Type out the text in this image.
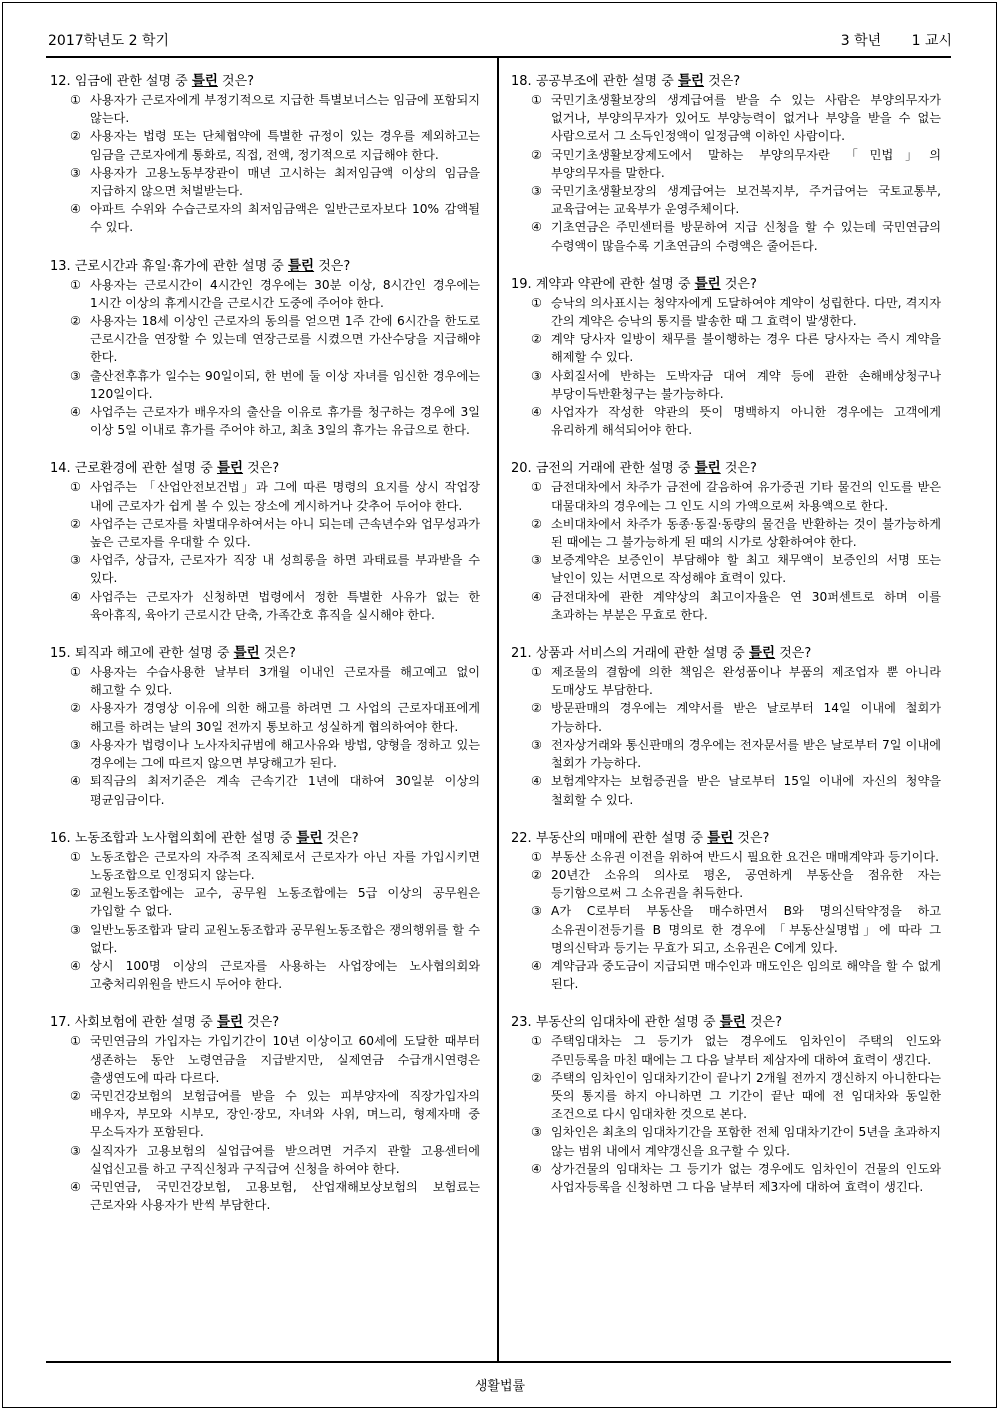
2017학년도 2 학기	3 학년 1 교시
12. 임금에 관한 설명 중 틀린 것은?
① 사용자가 근로자에게 부정기적으로 지급한 특별보너스는 임금에 포함되지 않는다.
② 사용자는 법령 또는 단체협약에 특별한 규정이 있는 경우를 제외하고는 임금을 근로자에게 통화로, 직접, 전액, 정기적으로 지급해야 한다.
③ 사용자가 고용노동부장관이 매년 고시하는 최저임금액 이상의 임금을 지급하지 않으면 처벌받는다.
④ 아파트 수위와 수습근로자의 최저임금액은 일반근로자보다 10% 감액될 수 있다.
13. 근로시간과 휴일·휴가에 관한 설명 중 틀린 것은?
① 사용자는 근로시간이 4시간인 경우에는 30분 이상, 8시간인 경우에는 1시간 이상의 휴게시간을 근로시간 도중에 주어야 한다.
② 사용자는 18세 이상인 근로자의 동의를 얻으면 1주 간에 6시간을 한도로 근로시간을 연장할 수 있는데 연장근로를 시켰으면 가산수당을 지급해야 한다.
③ 출산전후휴가 일수는 90일이되, 한 번에 둘 이상 자녀를 임신한 경우에는 120일이다.
④ 사업주는 근로자가 배우자의 출산을 이유로 휴가를 청구하는 경우에 3일 이상 5일 이내로 휴가를 주어야 하고, 최초 3일의 휴가는 유급으로 한다.
14. 근로환경에 관한 설명 중 틀린 것은?
① 사업주는 「산업안전보건법」과 그에 따른 명령의 요지를 상시 작업장 내에 근로자가 쉽게 볼 수 있는 장소에 게시하거나 갖추어 두어야 한다.
② 사업주는 근로자를 차별대우하여서는 아니 되는데 근속년수와 업무성과가 높은 근로자를 우대할 수 있다.
③ 사업주, 상급자, 근로자가 직장 내 성희롱을 하면 과태료를 부과받을 수 있다.
④ 사업주는 근로자가 신청하면 법령에서 정한 특별한 사유가 없는 한 육아휴직, 육아기 근로시간 단축, 가족간호 휴직을 실시해야 한다.
15. 퇴직과 해고에 관한 설명 중 틀린 것은?
① 사용자는 수습사용한 날부터 3개월 이내인 근로자를 해고예고 없이 해고할 수 있다.
② 사용자가 경영상 이유에 의한 해고를 하려면 그 사업의 근로자대표에게 해고를 하려는 날의 30일 전까지 통보하고 성실하게 협의하여야 한다.
③ 사용자가 법령이나 노사자치규범에 해고사유와 방법, 양형을 정하고 있는 경우에는 그에 따르지 않으면 부당해고가 된다.
④ 퇴직금의 최저기준은 계속 근속기간 1년에 대하여 30일분 이상의 평균임금이다.
16. 노동조합과 노사협의회에 관한 설명 중 틀린 것은?
① 노동조합은 근로자의 자주적 조직체로서 근로자가 아닌 자를 가입시키면 노동조합으로 인정되지 않는다.
② 교원노동조합에는 교수, 공무원 노동조합에는 5급 이상의 공무원은 가입할 수 없다.
③ 일반노동조합과 달리 교원노동조합과 공무원노동조합은 쟁의행위를 할 수 없다.
④ 상시 100명 이상의 근로자를 사용하는 사업장에는 노사협의회와 고충처리위원을 반드시 두어야 한다.
17. 사회보험에 관한 설명 중 틀린 것은?
① 국민연금의 가입자는 가입기간이 10년 이상이고 60세에 도달한 때부터 생존하는 동안 노령연금을 지급받지만, 실제연금 수급개시연령은 출생연도에 따라 다르다.
② 국민건강보험의 보험급여를 받을 수 있는 피부양자에 직장가입자의 배우자, 부모와 시부모, 장인·장모, 자녀와 사위, 며느리, 형제자매 중 무소득자가 포함된다.
③ 실직자가 고용보험의 실업급여를 받으려면 거주지 관할 고용센터에 실업신고를 하고 구직신청과 구직급여 신청을 하여야 한다.
④ 국민연금, 국민건강보험, 고용보험, 산업재해보상보험의 보험료는 근로자와 사용자가 반씩 부담한다.
18. 공공부조에 관한 설명 중 틀린 것은?
① 국민기초생활보장의 생계급여를 받을 수 있는 사람은 부양의무자가 없거나, 부양의무자가 있어도 부양능력이 없거나 부양을 받을 수 없는 사람으로서 그 소득인정액이 일정금액 이하인 사람이다.
② 국민기초생활보장제도에서 말하는 부양의무자란 「민법」의 부양의무자를 말한다.
③ 국민기초생활보장의 생계급여는 보건복지부, 주거급여는 국토교통부, 교육급여는 교육부가 운영주체이다.
④ 기초연금은 주민센터를 방문하여 지급 신청을 할 수 있는데 국민연금의 수령액이 많을수록 기초연금의 수령액은 줄어든다.
19. 계약과 약관에 관한 설명 중 틀린 것은?
① 승낙의 의사표시는 청약자에게 도달하여야 계약이 성립한다. 다만, 격지자 간의 계약은 승낙의 통지를 발송한 때 그 효력이 발생한다.
② 계약 당사자 일방이 채무를 불이행하는 경우 다른 당사자는 즉시 계약을 해제할 수 있다.
③ 사회질서에 반하는 도박자금 대여 계약 등에 관한 손해배상청구나 부당이득반환청구는 불가능하다.
④ 사업자가 작성한 약관의 뜻이 명백하지 아니한 경우에는 고객에게 유리하게 해석되어야 한다.
20. 금전의 거래에 관한 설명 중 틀린 것은?
① 금전대차에서 차주가 금전에 갈음하여 유가증권 기타 물건의 인도를 받은 대물대차의 경우에는 그 인도 시의 가액으로써 차용액으로 한다.
② 소비대차에서 차주가 동종·동질·동량의 물건을 반환하는 것이 불가능하게 된 때에는 그 불가능하게 된 때의 시가로 상환하여야 한다.
③ 보증계약은 보증인이 부담해야 할 최고 채무액이 보증인의 서명 또는 날인이 있는 서면으로 작성해야 효력이 있다.
④ 금전대차에 관한 계약상의 최고이자율은 연 30퍼센트로 하며 이를 초과하는 부분은 무효로 한다.
21. 상품과 서비스의 거래에 관한 설명 중 틀린 것은?
① 제조물의 결함에 의한 책임은 완성품이나 부품의 제조업자 뿐 아니라 도매상도 부담한다.
② 방문판매의 경우에는 계약서를 받은 날로부터 14일 이내에 철회가 가능하다.
③ 전자상거래와 통신판매의 경우에는 전자문서를 받은 날로부터 7일 이내에 철회가 가능하다.
④ 보험계약자는 보험증권을 받은 날로부터 15일 이내에 자신의 청약을 철회할 수 있다.
22. 부동산의 매매에 관한 설명 중 틀린 것은?
① 부동산 소유권 이전을 위하여 반드시 필요한 요건은 매매계약과 등기이다.
② 20년간 소유의 의사로 평온, 공연하게 부동산을 점유한 자는 등기함으로써 그 소유권을 취득한다.
③ A가 C로부터 부동산을 매수하면서 B와 명의신탁약정을 하고 소유권이전등기를 B 명의로 한 경우에 「부동산실명법」에 따라 그 명의신탁과 등기는 무효가 되고, 소유권은 C에게 있다.
④ 계약금과 중도금이 지급되면 매수인과 매도인은 임의로 해약을 할 수 없게 된다.
23. 부동산의 임대차에 관한 설명 중 틀린 것은?
① 주택임대차는 그 등기가 없는 경우에도 임차인이 주택의 인도와 주민등록을 마친 때에는 그 다음 날부터 제삼자에 대하여 효력이 생긴다.
② 주택의 임차인이 임대차기간이 끝나기 2개월 전까지 갱신하지 아니한다는 뜻의 통지를 하지 아니하면 그 기간이 끝난 때에 전 임대차와 동일한 조건으로 다시 임대차한 것으로 본다.
③ 임차인은 최초의 임대차기간을 포함한 전체 임대차기간이 5년을 초과하지 않는 범위 내에서 계약갱신을 요구할 수 있다.
④ 상가건물의 임대차는 그 등기가 없는 경우에도 임차인이 건물의 인도와 사업자등록을 신청하면 그 다음 날부터 제3자에 대하여 효력이 생긴다.
생활법률
